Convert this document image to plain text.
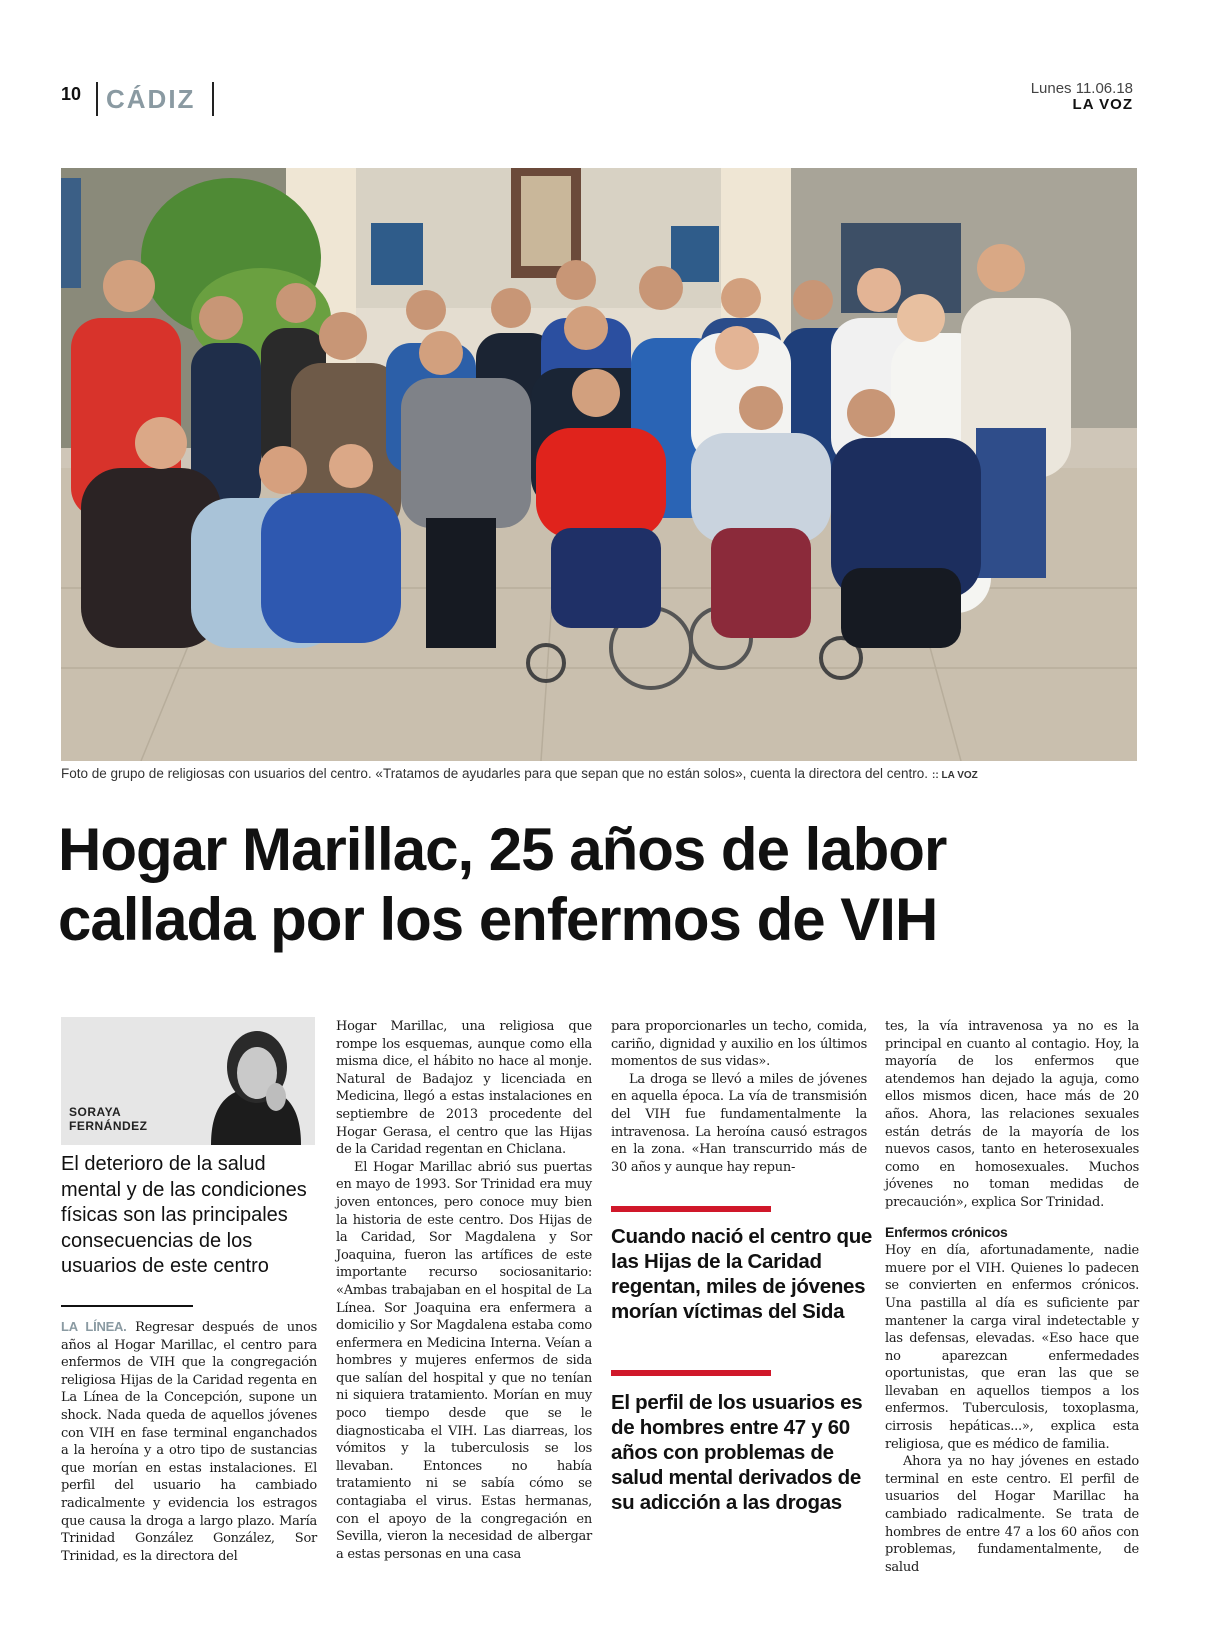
10 CÁDIZ	Lunes 11.06.18
LA VOZ
Foto de grupo de religiosas con usuarios del centro. «Tratamos de ayudarles para que sepan que no están solos», cuenta la directora del centro. :: LA VOZ
Hogar Marillac, 25 años de labor
callada por los enfermos de VIH
SORAYA
FERNÁNDEZ
El deterioro de la salud mental y de las condiciones físicas son las principales consecuencias de los usuarios de este centro

LA LÍNEA. Regresar después de unos años al Hogar Marillac, el centro para enfermos de VIH que la congregación religiosa Hijas de la Caridad regenta en La Línea de la Concepción, supone un shock. Nada queda de aquellos jóvenes con VIH en fase terminal enganchados a la heroína y a otro tipo de sustancias que morían en estas instalaciones. El perfil del usuario ha cambiado radicalmente y evidencia los estragos que causa la droga a largo plazo. María Trinidad González González, Sor Trinidad, es la directora del

Hogar Marillac, una religiosa que rompe los esquemas, aunque como ella misma dice, el hábito no hace al monje. Natural de Badajoz y licenciada en Medicina, llegó a estas instalaciones en septiembre de 2013 procedente del Hogar Gerasa, el centro que las Hijas de la Caridad regentan en Chiclana.

El Hogar Marillac abrió sus puertas en mayo de 1993. Sor Trinidad era muy joven entonces, pero conoce muy bien la historia de este centro. Dos Hijas de la Caridad, Sor Magdalena y Sor Joaquina, fueron las artífices de este importante recurso sociosanitario: «Ambas trabajaban en el hospital de La Línea. Sor Joaquina era enfermera a domicilio y Sor Magdalena estaba como enfermera en Medicina Interna. Veían a hombres y mujeres enfermos de sida que salían del hospital y que no tenían ni siquiera tratamiento. Morían en muy poco tiempo desde que se le diagnosticaba el VIH. Las diarreas, los vómitos y la tuberculosis se los llevaban. Entonces no había tratamiento ni se sabía cómo se contagiaba el virus. Estas hermanas, con el apoyo de la congregación en Sevilla, vieron la necesidad de albergar a estas personas en una casa

para proporcionarles un techo, comida, cariño, dignidad y auxilio en los últimos momentos de sus vidas».

La droga se llevó a miles de jóvenes en aquella época. La vía de transmisión del VIH fue fundamentalmente la intravenosa. La heroína causó estragos en la zona. «Han transcurrido más de 30 años y aunque hay repun-

Cuando nació el centro que las Hijas de la Caridad regentan, miles de jóvenes morían víctimas del Sida
El perfil de los usuarios es de hombres entre 47 y 60 años con problemas de salud mental derivados de su adicción a las drogas

tes, la vía intravenosa ya no es la principal en cuanto al contagio. Hoy, la mayoría de los enfermos que atendemos han dejado la aguja, como ellos mismos dicen, hace más de 20 años. Ahora, las relaciones sexuales están detrás de la mayoría de los nuevos casos, tanto en heterosexuales como en homosexuales. Muchos jóvenes no toman medidas de precaución», explica Sor Trinidad.

Enfermos crónicos

Hoy en día, afortunadamente, nadie muere por el VIH. Quienes lo padecen se convierten en enfermos crónicos. Una pastilla al día es suficiente par mantener la carga viral indetectable y las defensas, elevadas. «Eso hace que no aparezcan enfermedades oportunistas, que eran las que se llevaban en aquellos tiempos a los enfermos. Tuberculosis, toxoplasma, cirrosis hepáticas...», explica esta religiosa, que es médico de familia.

Ahora ya no hay jóvenes en estado terminal en este centro. El perfil de usuarios del Hogar Marillac ha cambiado radicalmente. Se trata de hombres de entre 47 a los 60 años con problemas, fundamentalmente, de salud
